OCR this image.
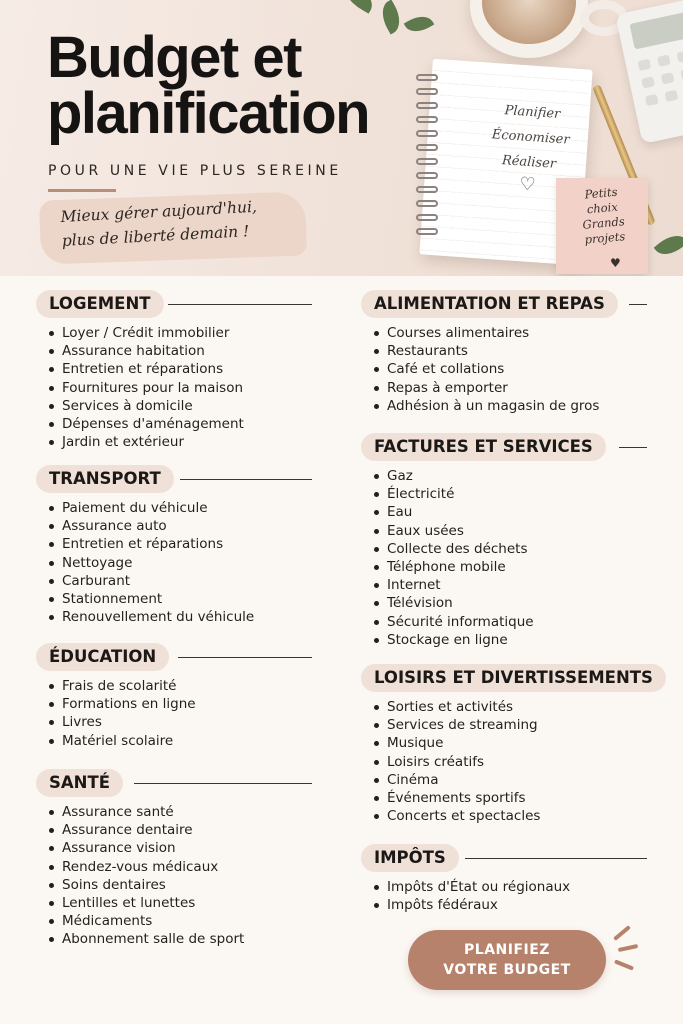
Planifier
Économiser
Réaliser
♡	Petits
choix
Grands
projets
♥
Budget et
planification
POUR UNE VIE PLUS SEREINE
Mieux gérer aujourd'hui,
plus de liberté demain !
LOGEMENT
Loyer / Crédit immobilier
Assurance habitation
Entretien et réparations
Fournitures pour la maison
Services à domicile
Dépenses d'aménagement
Jardin et extérieur
TRANSPORT
Paiement du véhicule
Assurance auto
Entretien et réparations
Nettoyage
Carburant
Stationnement
Renouvellement du véhicule
ÉDUCATION
Frais de scolarité
Formations en ligne
Livres
Matériel scolaire
SANTÉ
Assurance santé
Assurance dentaire
Assurance vision
Rendez-vous médicaux
Soins dentaires
Lentilles et lunettes
Médicaments
Abonnement salle de sport
ALIMENTATION ET REPAS
Courses alimentaires
Restaurants
Café et collations
Repas à emporter
Adhésion à un magasin de gros
FACTURES ET SERVICES
Gaz
Électricité
Eau
Eaux usées
Collecte des déchets
Téléphone mobile
Internet
Télévision
Sécurité informatique
Stockage en ligne
LOISIRS ET DIVERTISSEMENTS
Sorties et activités
Services de streaming
Musique
Loisirs créatifs
Cinéma
Événements sportifs
Concerts et spectacles
IMPÔTS
Impôts d'État ou régionaux
Impôts fédéraux
PLANIFIEZ
VOTRE BUDGET
